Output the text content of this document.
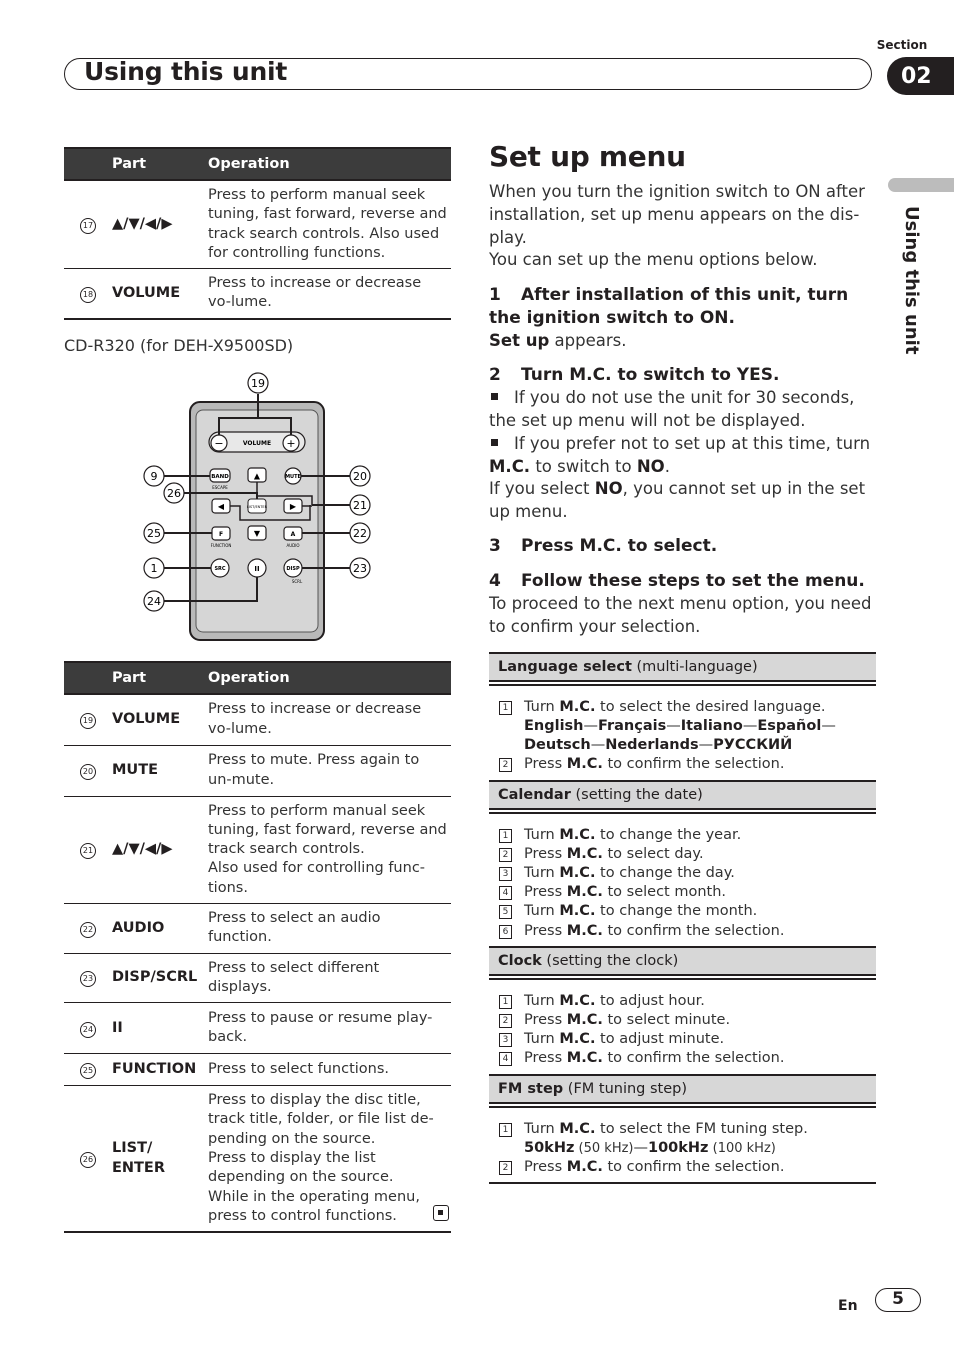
Section
Using this unit	02
Using this unit
	Part	Operation
17	▲/▼/◀/▶	Press to perform manual seek tuning, fast forward, reverse and track search controls. Also used for controlling functions.
18	VOLUME	Press to increase or decrease vo-lume.
CD-R320 (for DEH-X9500SD)
VOLUME
−	+
19
BAND
ESCAPE
▲	MUTE
LIST/ENTER
◀	▶
▼
F
FUNCTION
A
AUDIO
SRC	II	DISP
SCRL
9
26
25
1
24
20
21
22
23
	Part	Operation
19	VOLUME	Press to increase or decrease vo-lume.
20	MUTE	Press to mute. Press again to un-mute.
21	▲/▼/◀/▶	Press to perform manual seek tuning, fast forward, reverse and track search controls.
Also used for controlling func-tions.
22	AUDIO	Press to select an audio function.
23	DISP/SCRL	Press to select different displays.
24	II	Press to pause or resume play-back.
25	FUNCTION	Press to select functions.
26	LIST/ ENTER	Press to display the disc title, track title, folder, or file list de-pending on the source.
Press to display the list depending on the source.
While in the operating menu, press to control functions.
Set up menu
When you turn the ignition switch to ON after installation, set up menu appears on the dis-play.
You can set up the menu options below.
1 After installation of this unit, turn the ignition switch to ON.
Set up appears.
2 Turn M.C. to switch to YES.
If you do not use the unit for 30 seconds, the set up menu will not be displayed.
If you prefer not to set up at this time, turn M.C. to switch to NO.
If you select NO, you cannot set up in the set up menu.
3 Press M.C. to select.
4 Follow these steps to set the menu.
To proceed to the next menu option, you need to confirm your selection.
Language select (multi-language)
1 Turn M.C. to select the desired language.
English—Français—Italiano—Español—
Deutsch—Nederlands—РУССКИЙ
2 Press M.C. to confirm the selection.
Calendar (setting the date)
1 Turn M.C. to change the year.
2 Press M.C. to select day.
3 Turn M.C. to change the day.
4 Press M.C. to select month.
5 Turn M.C. to change the month.
6 Press M.C. to confirm the selection.
Clock (setting the clock)
1 Turn M.C. to adjust hour.
2 Press M.C. to select minute.
3 Turn M.C. to adjust minute.
4 Press M.C. to confirm the selection.
FM step (FM tuning step)
1 Turn M.C. to select the FM tuning step.
50kHz (50 kHz)—100kHz (100 kHz)
2 Press M.C. to confirm the selection.
En	5
